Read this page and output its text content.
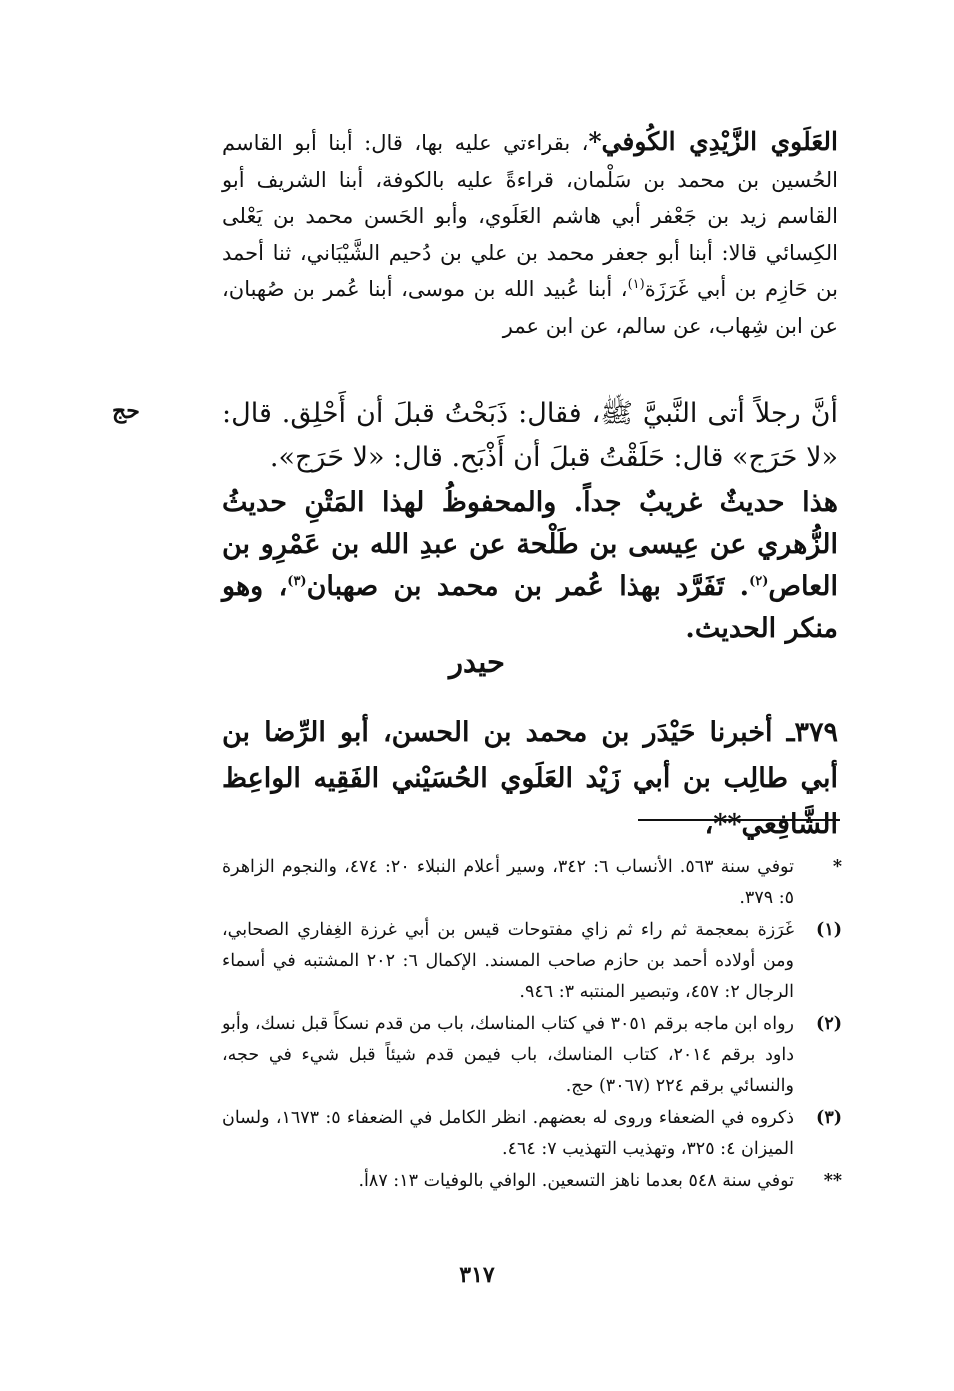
العَلَوي الزَّيْدِي الكُوفي*، بقراءتي عليه بها، قال: أبنا أبو القاسم الحُسين بن محمد بن سَلْمان، قراءةً عليه بالكوفة، أبنا الشريف أبو القاسم زيد بن جَعْفر أبي هاشم العَلَوي، وأبو الحَسن محمد بن يَعْلى الكِسائي قالا: أبنا أبو جعفر محمد بن علي بن دُحيم الشَّيْبَاني، ثنا أحمد بن حَازِم بن أبي غَرَزَة$^{(١)}$، أبنا عُبيد الله بن موسى، أبنا عُمر بن صُهبان، عن ابن شِهاب، عن سالم، عن ابن عمر

حج	أنَّ رجلاً أتى النَّبيَّ ﷺ، فقال: ذَبَحْتُ قبلَ أن أَحْلِق. قال: «لا حَرَج» قال: حَلَقْتُ قبلَ أن أَذْبَح. قال: «لا حَرَج».

هذا حديثٌ غريبٌ جداً. والمحفوظُ لهذا المَتْنِ حديثُ الزُّهري عن عِيسى بن طَلْحة عن عبدِ الله بن عَمْرِو بن العاص$^{(٢)}$. تَفَرَّد بهذا عُمر بن محمد بن صهبان$^{(٣)}$، وهو منكر الحديث.

حيدر

٣٧٩ـ أخبرنا حَيْدَر بن محمد بن الحسن، أبو الرِّضا بن أبي طالِب بن أبي زَيْد العَلَوي الحُسَيْني الفَقِيه الواعِظ الشَّافِعي**،

*
توفي سنة ٥٦٣. الأنساب ٦: ٣٤٢، وسير أعلام النبلاء ٢٠: ٤٧٤، والنجوم الزاهرة ٥: ٣٧٩.
(١)
غَرَزة بمعجمة ثم راء ثم زاي مفتوحات قيس بن أبي غرزة الغِفاري الصحابي، ومن أولاده أحمد بن حازم صاحب المسند. الإكمال ٦: ٢٠٢ المشتبه في أسماء الرجال ٢: ٤٥٧، وتبصير المنتبه ٣: ٩٤٦.
(٢)
رواه ابن ماجه برقم ٣٠٥١ في كتاب المناسك، باب من قدم نسكاً قبل نسك، وأبو داود برقم ٢٠١٤، كتاب المناسك، باب فيمن قدم شيئاً قبل شيء في حجه، والنسائي برقم ٢٢٤ (٣٠٦٧) حج.
(٣)
ذكروه في الضعفاء وروى له بعضهم. انظر الكامل في الضعفاء ٥: ١٦٧٣، ولسان الميزان ٤: ٣٢٥، وتهذيب التهذيب ٧: ٤٦٤.
**
توفي سنة ٥٤٨ بعدما ناهز التسعين. الوافي بالوفيات ١٣: ٨٧أ.
٣١٧
